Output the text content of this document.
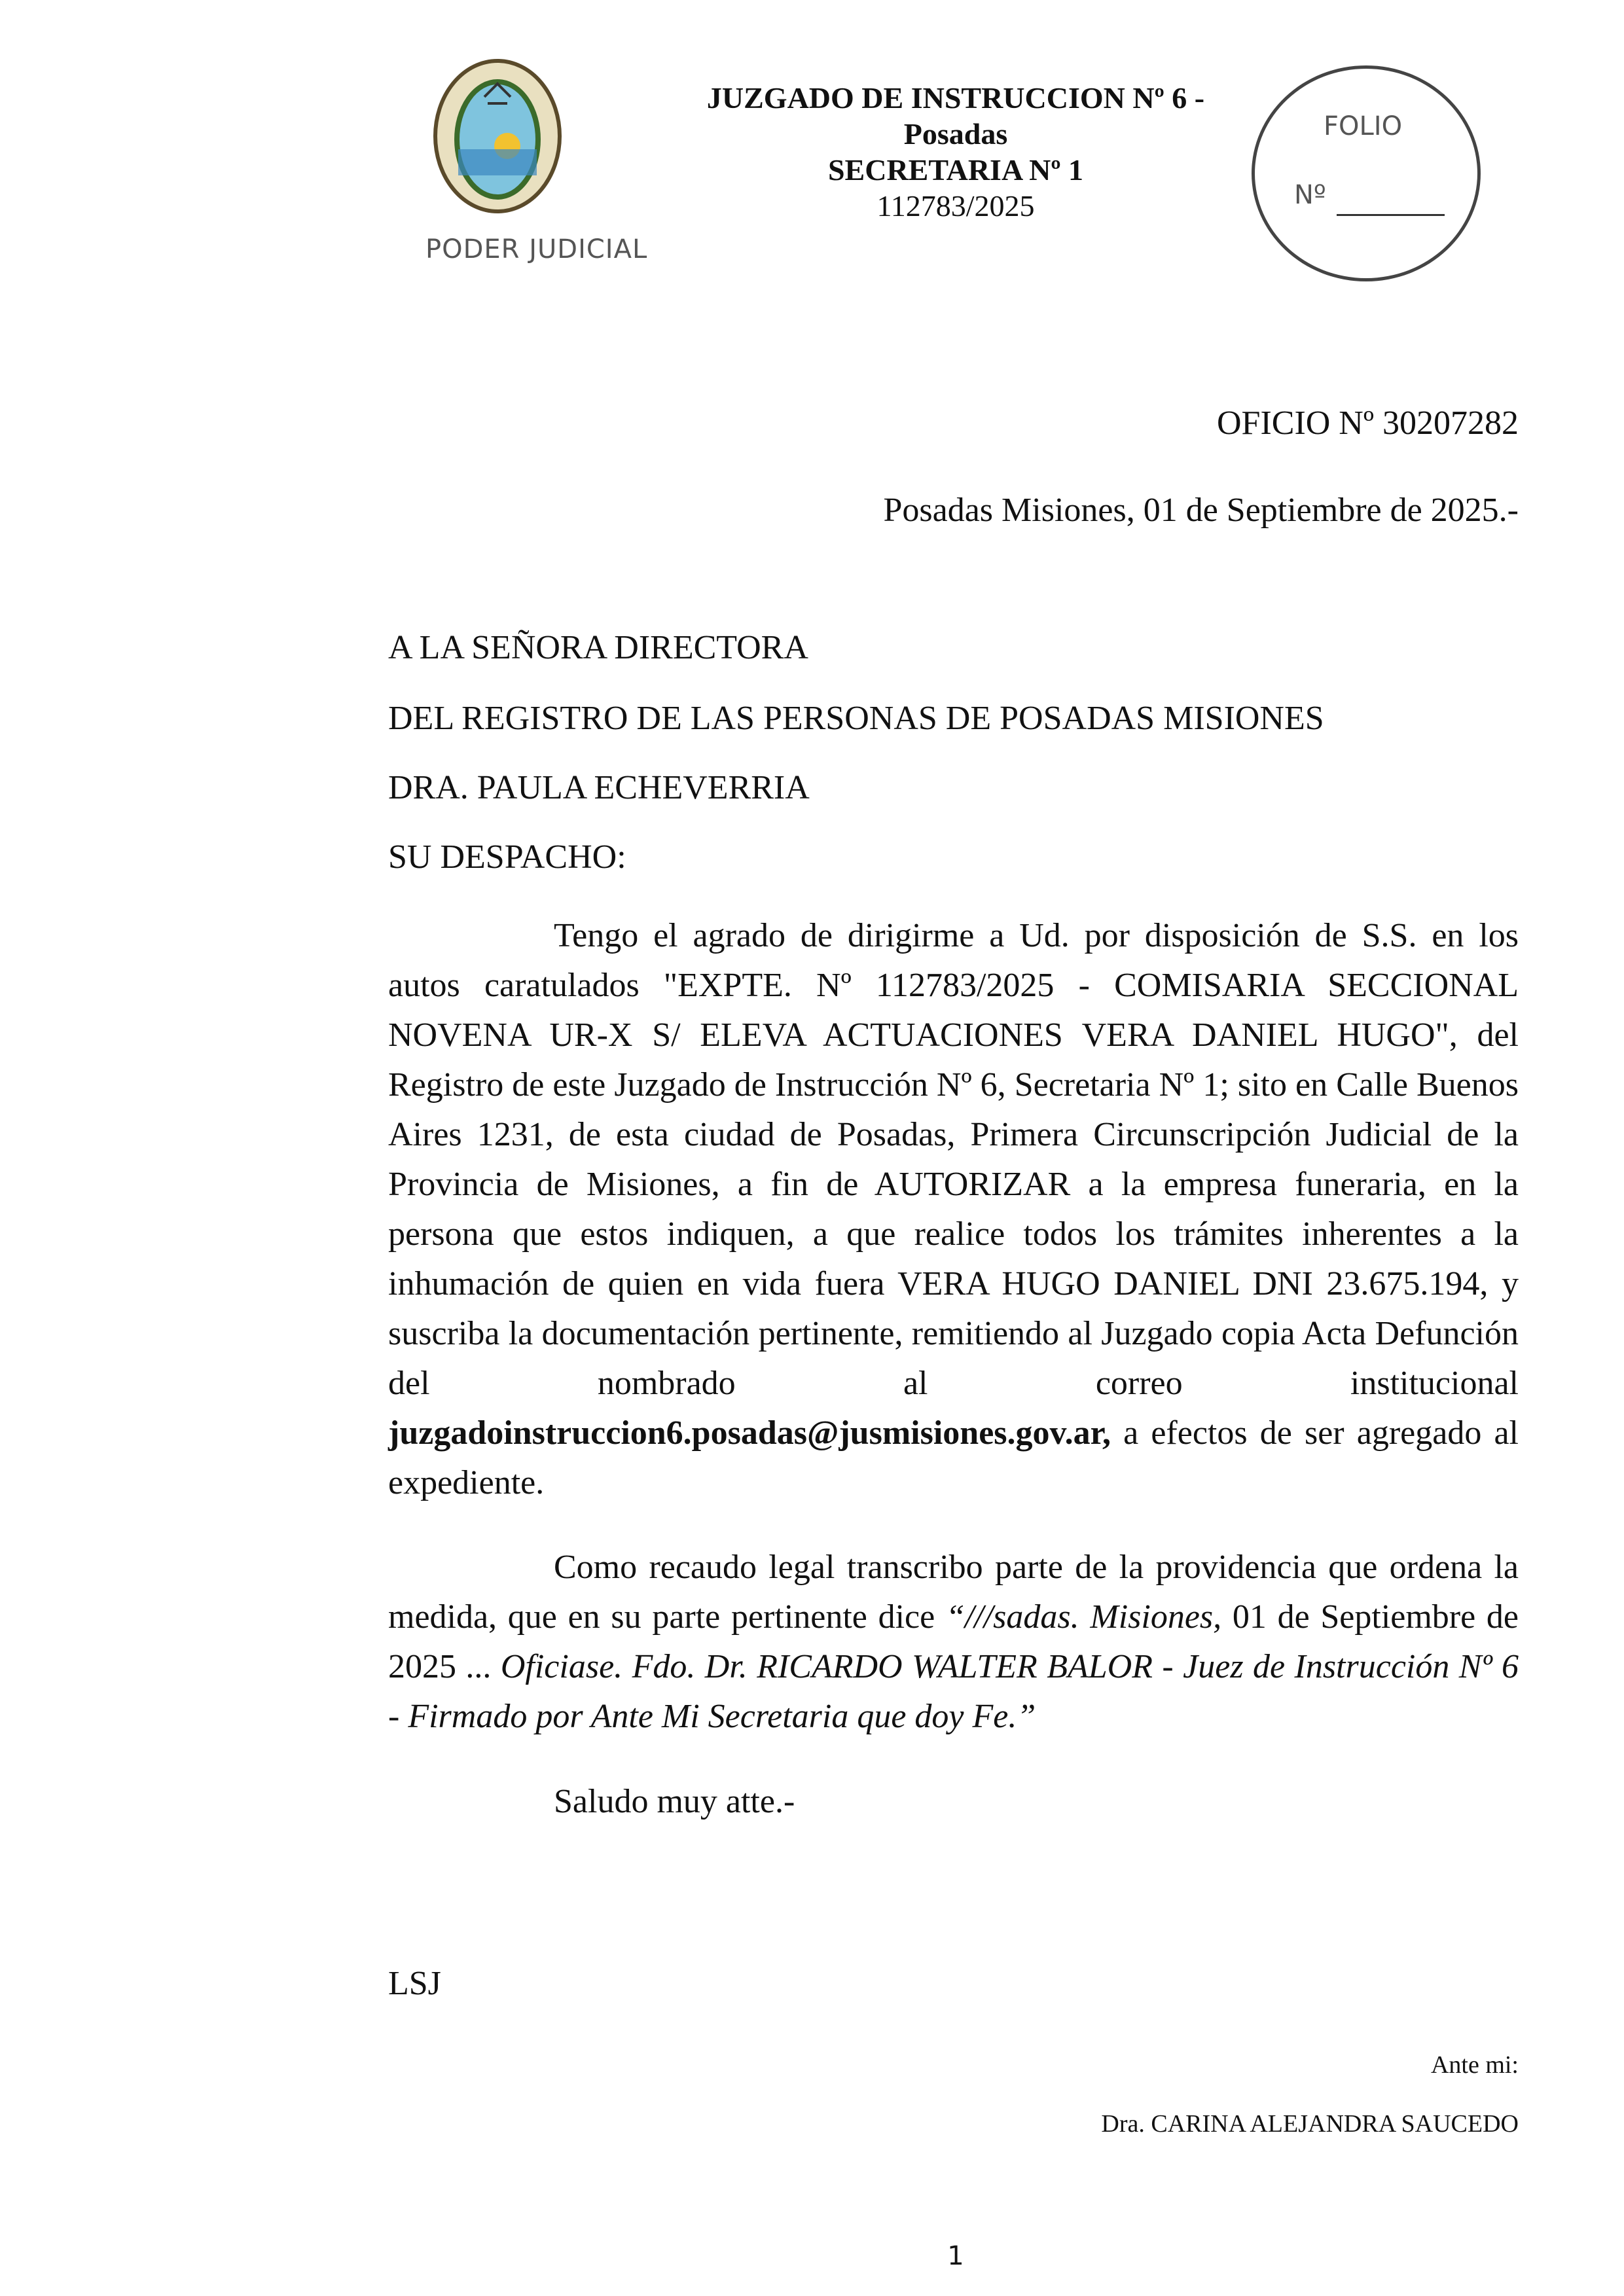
PODER JUDICIAL
JUZGADO DE INSTRUCCION Nº 6 -
Posadas
SECRETARIA Nº 1
112783/2025
FOLIO
Nº
OFICIO Nº 30207282
Posadas Misiones, 01 de Septiembre de 2025.-
A LA SEÑORA DIRECTORA
DEL REGISTRO DE LAS PERSONAS DE POSADAS MISIONES
DRA. PAULA ECHEVERRIA
SU DESPACHO:
Tengo el agrado de dirigirme a Ud. por disposición de S.S. en los autos caratulados "EXPTE. Nº 112783/2025 - COMISARIA SECCIONAL NOVENA UR-X S/ ELEVA ACTUACIONES VERA DANIEL HUGO", del Registro de este Juzgado de Instrucción Nº 6, Secretaria Nº 1; sito en Calle Buenos Aires 1231, de esta ciudad de Posadas, Primera Circunscripción Judicial de la Provincia de Misiones, a fin de AUTORIZAR a la empresa funeraria, en la persona que estos indiquen, a que realice todos los trámites inherentes a la inhumación de quien en vida fuera VERA HUGO DANIEL DNI 23.675.194, y suscriba la documentación pertinente, remitiendo al Juzgado copia Acta Defunción del nombrado al correo institucional juzgadoinstruccion6.posadas@jusmisiones.gov.ar, a efectos de ser agregado al expediente.
Como recaudo legal transcribo parte de la providencia que ordena la medida, que en su parte pertinente dice “///sadas. Misiones, 01 de Septiembre de 2025 ... Oficiase. Fdo. Dr. RICARDO WALTER BALOR - Juez de Instrucción Nº 6 - Firmado por Ante Mi Secretaria que doy Fe.”
Saludo muy atte.-
LSJ
Ante mi:
Dra. CARINA ALEJANDRA SAUCEDO
1
